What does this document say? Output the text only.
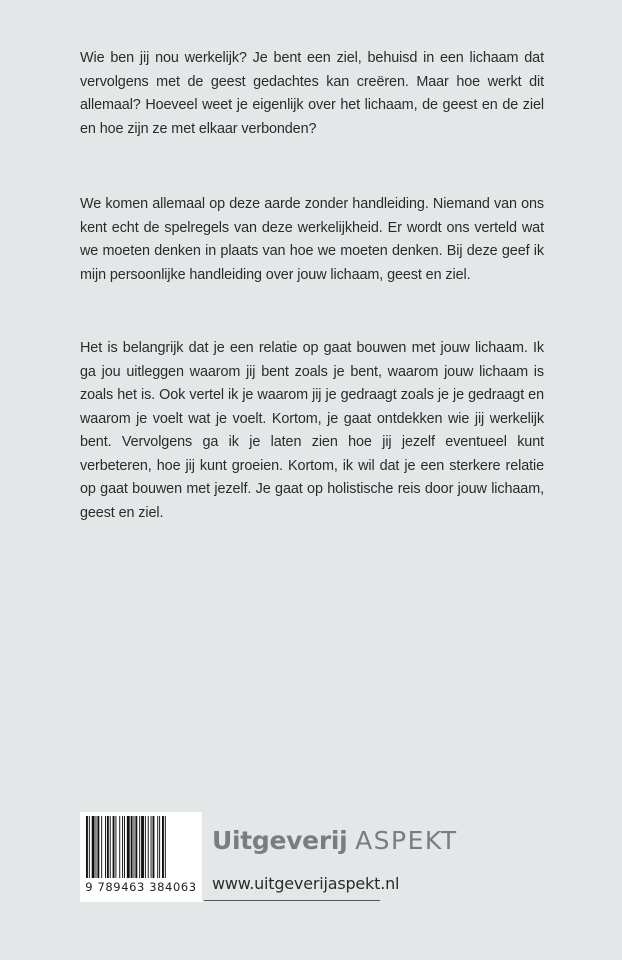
Wie ben jij nou werkelijk? Je bent een ziel, behuisd in een lichaam dat vervolgens met de geest gedachtes kan creëren. Maar hoe werkt dit allemaal? Hoeveel weet je eigenlijk over het lichaam, de geest en de ziel en hoe zijn ze met elkaar verbonden?

We komen allemaal op deze aarde zonder handleiding. Niemand van ons kent echt de spelregels van deze werkelijkheid. Er wordt ons verteld wat we moeten denken in plaats van hoe we moeten denken. Bij deze geef ik mijn persoonlijke handleiding over jouw lichaam, geest en ziel.

Het is belangrijk dat je een relatie op gaat bouwen met jouw lichaam. Ik ga jou uitleggen waarom jij bent zoals je bent, waarom jouw lichaam is zoals het is. Ook vertel ik je waarom jij je gedraagt zoals je je gedraagt en waarom je voelt wat je voelt. Kortom, je gaat ontdekken wie jij werkelijk bent. Vervolgens ga ik je laten zien hoe jij jezelf eventueel kunt verbeteren, hoe jij kunt groeien. Kortom, ik wil dat je een sterkere relatie op gaat bouwen met jezelf. Je gaat op holistische reis door jouw lichaam, geest en ziel.

9 789463 384063
Uitgeverij ASPEKT
www.uitgeverijaspekt.nl
